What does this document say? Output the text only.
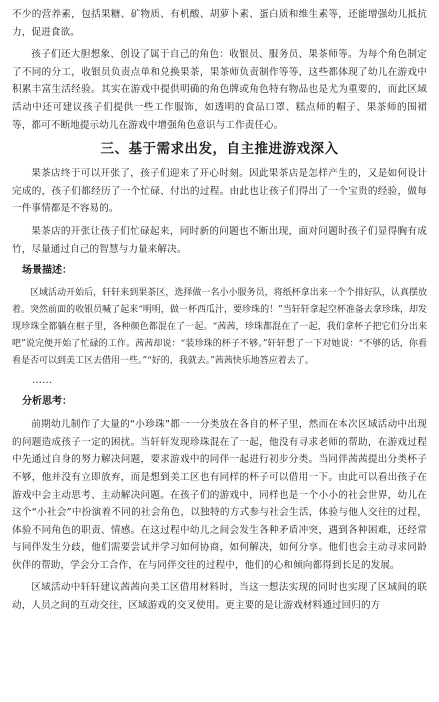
不少的营养素，包括果糖、矿物质、有机酸、胡萝卜素、蛋白质和维生素等，还能增强幼儿抵抗力，促进食欲。

孩子们还大胆想象、创设了属于自己的角色：收银员、服务员、果茶师等。为每个角色制定了不同的分工，收银员负责点单和兑换果茶，果茶师负责制作等等，这些都体现了幼儿在游戏中积累丰富生活经验。其实在游戏中提供明确的角色牌或角色特有物品也是尤为重要的，而此区域活动中还可建议孩子们提供一些工作服饰，如透明的食品口罩、糕点师的帽子、果茶师的围裙等，都可不断地提示幼儿在游戏中增强角色意识与工作责任心。

三、基于需求出发，自主推进游戏深入

果茶店终于可以开张了，孩子们迎来了开心时刻。因此果茶店是怎样产生的，又是如何设计完成的，孩子们都经历了一个忙碌、付出的过程。由此也让孩子们得出了一个宝贵的经验，做每一件事情都是不容易的。

果茶店的开张让孩子们忙碌起来，同时新的问题也不断出现，面对问题时孩子们显得胸有成竹，尽量通过自己的智慧与力量来解决。

场景描述：

区域活动开始后，轩轩来到果茶区，选择做一名小小服务员，将纸杯拿出来一个个排好队，认真摆放着。突然前面的收银员喊了起来“明明，做一杯西瓜汁，要珍珠的！”当轩轩拿起空杯准备去拿珍珠，却发现珍珠全都躺在框子里，各种颜色都混在了一起。“茜茜，珍珠都混在了一起，我们拿杯子把它们分出来吧”说完便开始了忙碌的工作。茜茜却说：“装珍珠的杯子不够。”轩轩想了一下对她说：“不够的话，你看看是否可以到美工区去借用一些。”“好的，我就去。”茜茜快乐地答应着去了。

……

分析思考：

前期幼儿制作了大量的“小珍珠”都一一分类放在各自的杯子里，然而在本次区域活动中出现的问题造成孩子一定的困扰。当轩轩发现珍珠混在了一起，他没有寻求老师的帮助，在游戏过程中先通过自身的努力解决问题，要求游戏中的同伴一起进行初步分类。当同伴茜茜提出分类杯子不够，他并没有立即放弃，而是想到美工区也有同样的杯子可以借用一下。由此可以看出孩子在游戏中会主动思考、主动解决问题。在孩子们的游戏中，同样也是一个小小的社会世界，幼儿在这个“小社会”中扮演着不同的社会角色，以独特的方式参与社会生活，体验与他人交往的过程，体验不同角色的职责、情感。在这过程中幼儿之间会发生各种矛盾冲突，遇到各种困难，还经常与同伴发生分歧，他们需要尝试并学习如何协商，如何解决，如何分享。他们也会主动寻求同龄伙伴的帮助，学会分工合作，在与同伴交往的过程中，他们的心和倾向都得到长足的发展。

区域活动中轩轩建议茜茜向美工区借用材料时，当这一想法实现的同时也实现了区域间的联动，人员之间的互动交往，区域游戏的交叉使用。更主要的是让游戏材料通过回归的方
